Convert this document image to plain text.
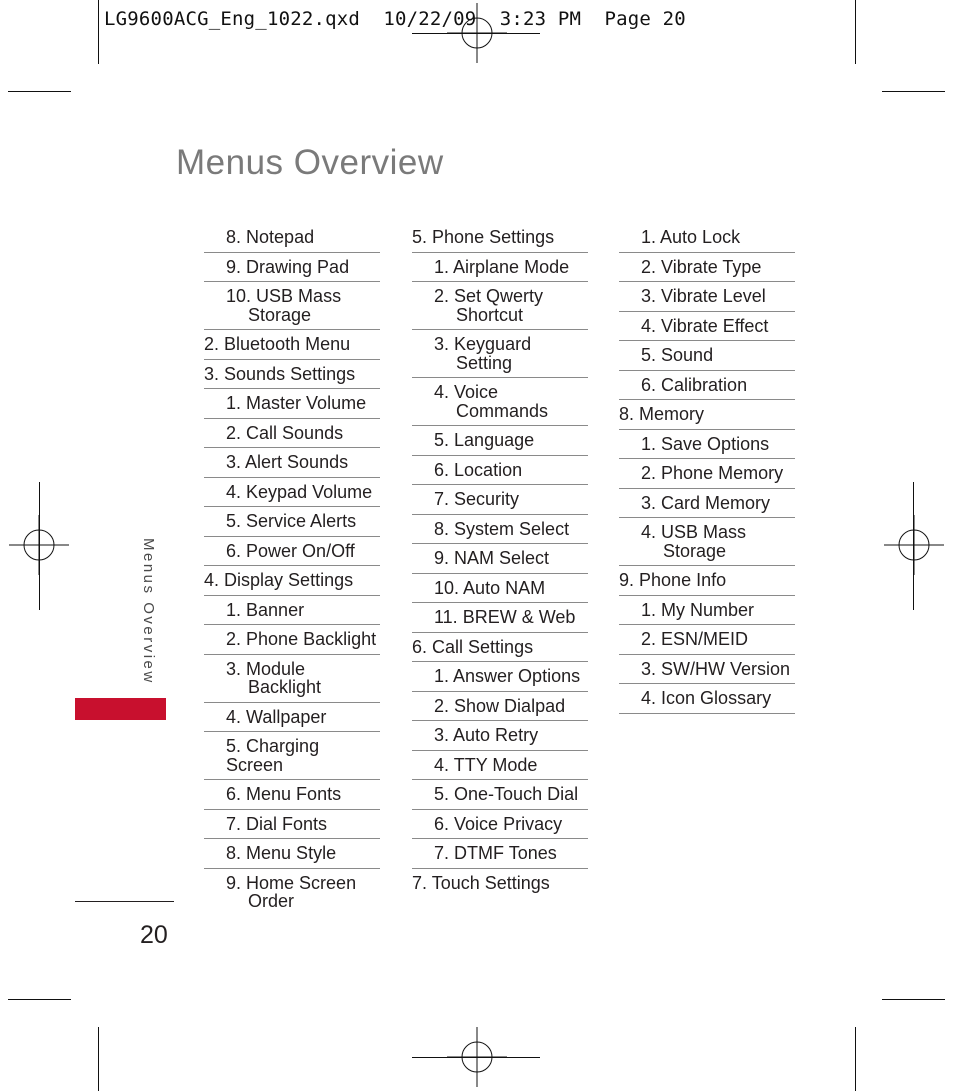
LG9600ACG_Eng_1022.qxd  10/22/09  3:23 PM  Page 20
Menus Overview
8. Notepad
9. Drawing Pad
10. USB Mass
Storage
2. Bluetooth Menu
3. Sounds Settings
1. Master Volume
2. Call Sounds
3. Alert Sounds
4. Keypad Volume
5. Service Alerts
6. Power On/Off
4. Display Settings
1. Banner
2. Phone Backlight
3. Module
Backlight
4. Wallpaper
5. Charging Screen
6. Menu Fonts
7. Dial Fonts
8. Menu Style
9. Home Screen
Order
5. Phone Settings
1. Airplane Mode
2. Set Qwerty
Shortcut
3. Keyguard
Setting
4. Voice
Commands
5. Language
6. Location
7. Security
8. System Select
9. NAM Select
10. Auto NAM
11. BREW & Web
6. Call Settings
1. Answer Options
2. Show Dialpad
3. Auto Retry
4. TTY Mode
5. One-Touch Dial
6. Voice Privacy
7. DTMF Tones
7. Touch Settings
1. Auto Lock
2. Vibrate Type
3. Vibrate Level
4. Vibrate Effect
5. Sound
6. Calibration
8. Memory
1. Save Options
2. Phone Memory
3. Card Memory
4. USB Mass
Storage
9. Phone Info
1. My Number
2. ESN/MEID
3. SW/HW Version
4. Icon Glossary
Menus Overview
20
